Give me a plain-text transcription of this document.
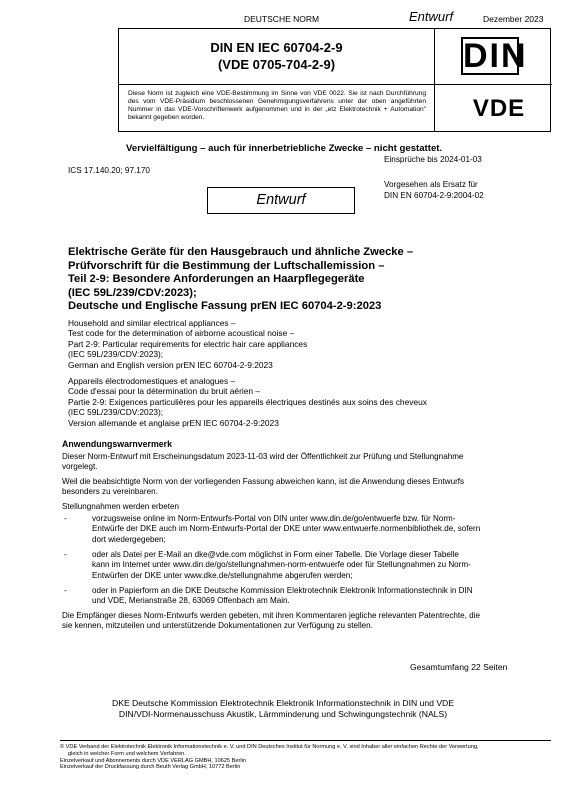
DEUTSCHE NORM	Entwurf	Dezember 2023
DIN EN IEC 60704-2-9
(VDE 0705-704-2-9)	DIN
Diese Norm ist zugleich eine VDE-Bestimmung im Sinne von VDE 0022. Sie ist nach Durchführung des vom VDE-Präsidium beschlossenen Genehmigungsverfahrens unter der oben angeführten Nummer in das VDE-Vorschriftenwerk aufgenommen und in der „etz Elektrotechnik + Automation" bekannt gegeben worden.	VDE
Vervielfältigung – auch für innerbetriebliche Zwecke – nicht gestattet.
Einsprüche bis 2024-01-03
ICS 17.140.20; 97.170
Vorgesehen als Ersatz für
DIN EN 60704-2-9:2004-02
Entwurf
Elektrische Geräte für den Hausgebrauch und ähnliche Zwecke –
Prüfvorschrift für die Bestimmung der Luftschallemission –
Teil 2-9: Besondere Anforderungen an Haarpflegegeräte
(IEC 59L/239/CDV:2023);
Deutsche und Englische Fassung prEN IEC 60704-2-9:2023
Household and similar electrical appliances –
Test code for the determination of airborne acoustical noise –
Part 2-9: Particular requirements for electric hair care appliances
(IEC 59L/239/CDV:2023);
German and English version prEN IEC 60704-2-9:2023
Appareils électrodomestiques et analogues –
Code d'essai pour la détermination du bruit aérien –
Partie 2-9: Exigences particulières pour les appareils électriques destinés aux soins des cheveux
(IEC 59L/239/CDV:2023);
Version allemande et anglaise prEN IEC 60704-2-9:2023
Anwendungswarnvermerk
Dieser Norm-Entwurf mit Erscheinungsdatum 2023-11-03 wird der Öffentlichkeit zur Prüfung und Stellungnahme
vorgelegt.
Weil die beabsichtigte Norm von der vorliegenden Fassung abweichen kann, ist die Anwendung dieses Entwurfs
besonders zu vereinbaren.
Stellungnahmen werden erbeten
-	vorzugsweise online im Norm-Entwurfs-Portal von DIN unter www.din.de/go/entwuerfe bzw. für Norm-
Entwürfe der DKE auch im Norm-Entwurfs-Portal der DKE unter www.entwuerfe.normenbibliothek.de, sofern
dort wiedergegeben;
-	oder als Datei per E-Mail an dke@vde.com möglichst in Form einer Tabelle. Die Vorlage dieser Tabelle
kann im Internet unter www.din.de/go/stellungnahmen-norm-entwuerfe oder für Stellungnahmen zu Norm-
Entwürfen der DKE unter www.dke.de/stellungnahme abgerufen werden;
-	oder in Papierform an die DKE Deutsche Kommission Elektrotechnik Elektronik Informationstechnik in DIN
und VDE, Merianstraße 28, 63069 Offenbach am Main.
Die Empfänger dieses Norm-Entwurfs werden gebeten, mit ihren Kommentaren jegliche relevanten Patentrechte, die
sie kennen, mitzuteilen und unterstützende Dokumentationen zur Verfügung zu stellen.
Gesamtumfang 22 Seiten
DKE Deutsche Kommission Elektrotechnik Elektronik Informationstechnik in DIN und VDE
DIN/VDI-Normenausschuss Akustik, Lärmminderung und Schwingungstechnik (NALS)
© VDE Verband der Elektrotechnik Elektronik Informationstechnik e. V. und DIN Deutsches Institut für Normung e. V. sind Inhaber aller einfachen Rechte der Verwertung,
gleich in welcher Form und welchem Verfahren.
Einzelverkauf und Abonnements durch VDE VERLAG GMBH, 10625 Berlin
Einzelverkauf der Druckfassung durch Beuth Verlag GmbH, 10772 Berlin
